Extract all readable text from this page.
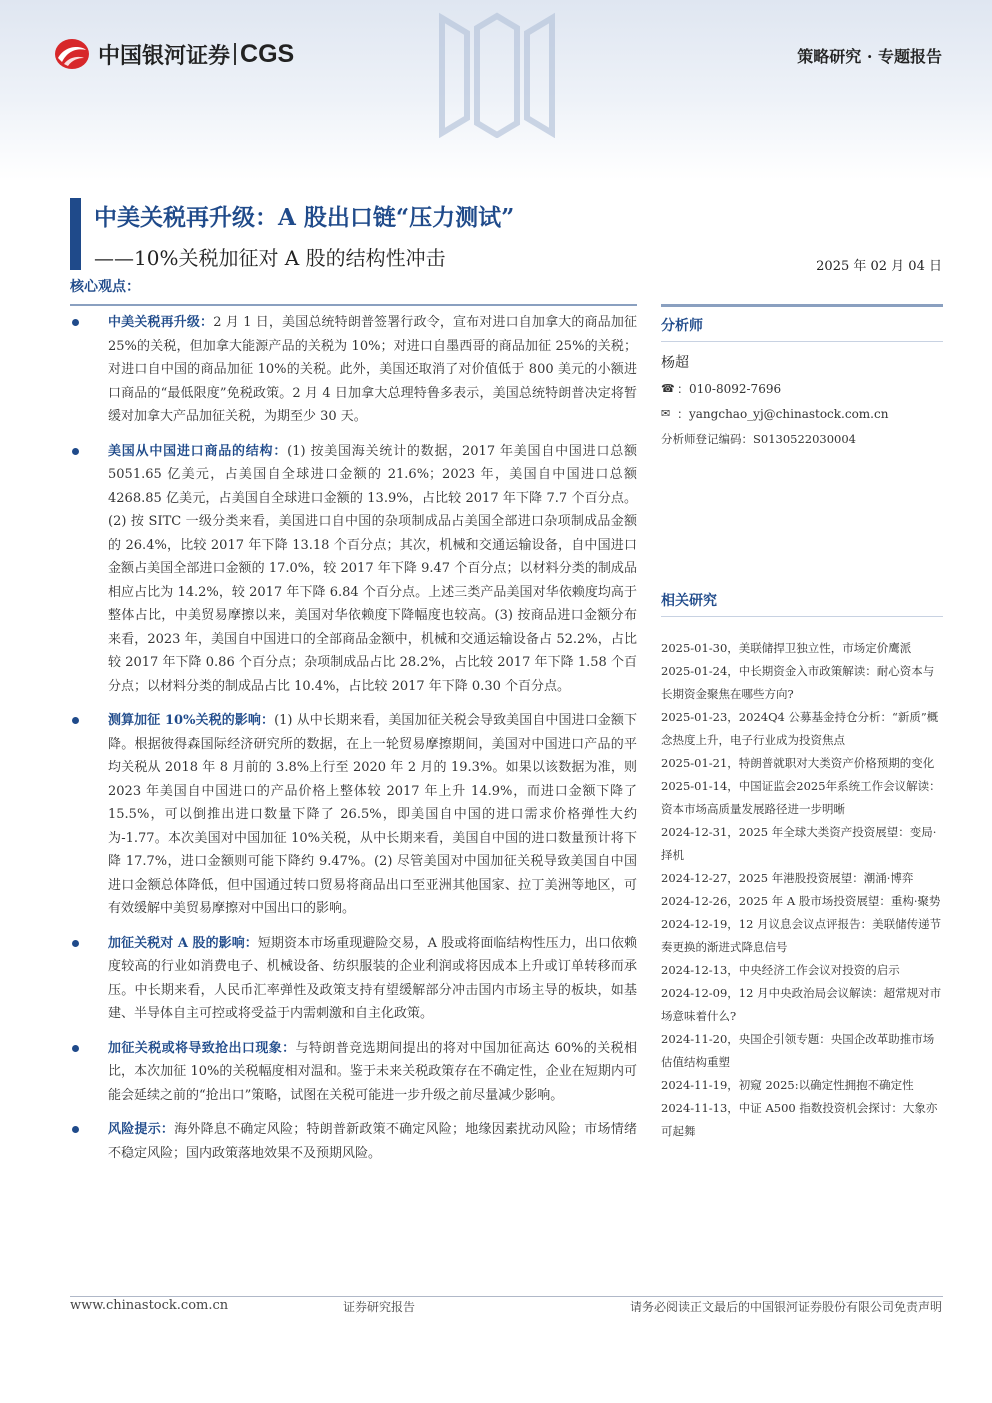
中国银河证券 CGS	策略研究 · 专题报告
中美关税再升级：A 股出口链“压力测试”
——10%关税加征对 A 股的结构性冲击	2025 年 02 月 04 日
核心观点：
中美关税再升级：2 月 1 日，美国总统特朗普签署行政令，宣布对进口自加拿大的商品加征 25%的关税，但加拿大能源产品的关税为 10%；对进口自墨西哥的商品加征 25%的关税；对进口自中国的商品加征 10%的关税。此外，美国还取消了对价值低于 800 美元的小额进口商品的“最低限度”免税政策。2 月 4 日加拿大总理特鲁多表示，美国总统特朗普决定将暂缓对加拿大产品加征关税，为期至少 30 天。
美国从中国进口商品的结构：(1) 按美国海关统计的数据，2017 年美国自中国进口总额 5051.65 亿美元，占美国自全球进口金额的 21.6%；2023 年，美国自中国进口总额 4268.85 亿美元，占美国自全球进口金额的 13.9%，占比较 2017 年下降 7.7 个百分点。(2) 按 SITC 一级分类来看，美国进口自中国的杂项制成品占美国全部进口杂项制成品金额的 26.4%，比较 2017 年下降 13.18 个百分点；其次，机械和交通运输设备，自中国进口金额占美国全部进口金额的 17.0%，较 2017 年下降 9.47 个百分点；以材料分类的制成品相应占比为 14.2%，较 2017 年下降 6.84 个百分点。上述三类产品美国对华依赖度均高于整体占比，中美贸易摩擦以来，美国对华依赖度下降幅度也较高。(3) 按商品进口金额分布来看，2023 年，美国自中国进口的全部商品金额中，机械和交通运输设备占 52.2%，占比较 2017 年下降 0.86 个百分点；杂项制成品占比 28.2%，占比较 2017 年下降 1.58 个百分点；以材料分类的制成品占比 10.4%，占比较 2017 年下降 0.30 个百分点。
测算加征 10%关税的影响：(1) 从中长期来看，美国加征关税会导致美国自中国进口金额下降。根据彼得森国际经济研究所的数据，在上一轮贸易摩擦期间，美国对中国进口产品的平均关税从 2018 年 8 月前的 3.8%上行至 2020 年 2 月的 19.3%。如果以该数据为准，则 2023 年美国自中国进口的产品价格上整体较 2017 年上升 14.9%，而进口金额下降了 15.5%，可以倒推出进口数量下降了 26.5%，即美国自中国的进口需求价格弹性大约为-1.77。本次美国对中国加征 10%关税，从中长期来看，美国自中国的进口数量预计将下降 17.7%，进口金额则可能下降约 9.47%。(2) 尽管美国对中国加征关税导致美国自中国进口金额总体降低，但中国通过转口贸易将商品出口至亚洲其他国家、拉丁美洲等地区，可有效缓解中美贸易摩擦对中国出口的影响。
加征关税对 A 股的影响：短期资本市场重现避险交易，A 股或将面临结构性压力，出口依赖度较高的行业如消费电子、机械设备、纺织服装的企业利润或将因成本上升或订单转移而承压。中长期来看，人民币汇率弹性及政策支持有望缓解部分冲击国内市场主导的板块，如基建、半导体自主可控或将受益于内需刺激和自主化政策。
加征关税或将导致抢出口现象：与特朗普竞选期间提出的将对中国加征高达 60%的关税相比，本次加征 10%的关税幅度相对温和。鉴于未来关税政策存在不确定性，企业在短期内可能会延续之前的“抢出口”策略，试图在关税可能进一步升级之前尽量减少影响。
风险提示：海外降息不确定风险；特朗普新政策不确定风险；地缘因素扰动风险；市场情绪不稳定风险；国内政策落地效果不及预期风险。
分析师
杨超
☎ ：010-8092-7696
✉ ：yangchao_yj@chinastock.com.cn
分析师登记编码：S0130522030004
相关研究
2025-01-30，美联储捍卫独立性，市场定价鹰派
2025-01-24，中长期资金入市政策解读：耐心资本与长期资金聚焦在哪些方向?
2025-01-23，2024Q4 公募基金持仓分析：“新质”概念热度上升，电子行业成为投资焦点
2025-01-21，特朗普就职对大类资产价格预期的变化
2025-01-14，中国证监会2025年系统工作会议解读：资本市场高质量发展路径进一步明晰
2024-12-31，2025 年全球大类资产投资展望：变局·择机
2024-12-27，2025 年港股投资展望：潮涌·博弈
2024-12-26，2025 年 A 股市场投资展望：重构·聚势
2024-12-19，12 月议息会议点评报告：美联储传递节奏更换的渐进式降息信号
2024-12-13，中央经济工作会议对投资的启示
2024-12-09，12 月中央政治局会议解读：超常规对市场意味着什么?
2024-11-20，央国企引领专题：央国企改革助推市场估值结构重塑
2024-11-19，初窥 2025:以确定性拥抱不确定性
2024-11-13，中证 A500 指数投资机会探讨：大象亦可起舞
www.chinastock.com.cn	证券研究报告	请务必阅读正文最后的中国银河证券股份有限公司免责声明
